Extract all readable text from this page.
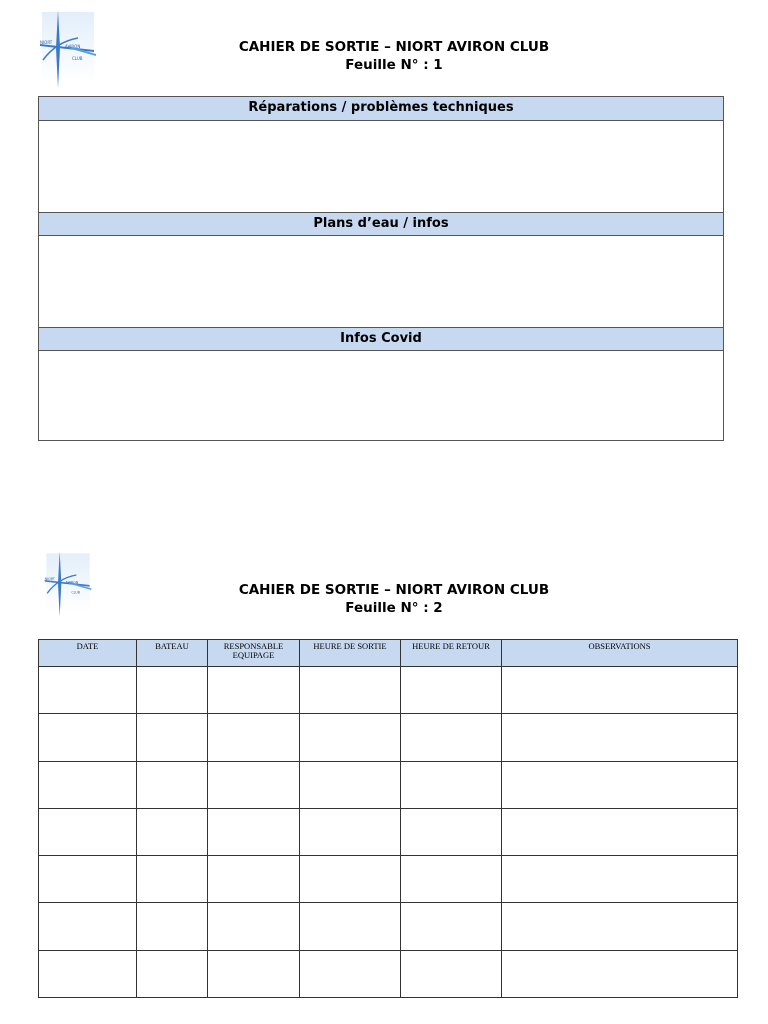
NIORT
AVIRON
CLUB
CAHIER DE SORTIE – NIORT AVIRON CLUB
Feuille N° : 1
Réparations / problèmes techniques
Plans d’eau / infos
Infos Covid
NIORT
AVIRON
CLUB	CAHIER DE SORTIE – NIORT AVIRON CLUB
Feuille N° : 2
DATE	BATEAU	RESPONSABLE EQUIPAGE	HEURE DE SORTIE	HEURE DE RETOUR	OBSERVATIONS
